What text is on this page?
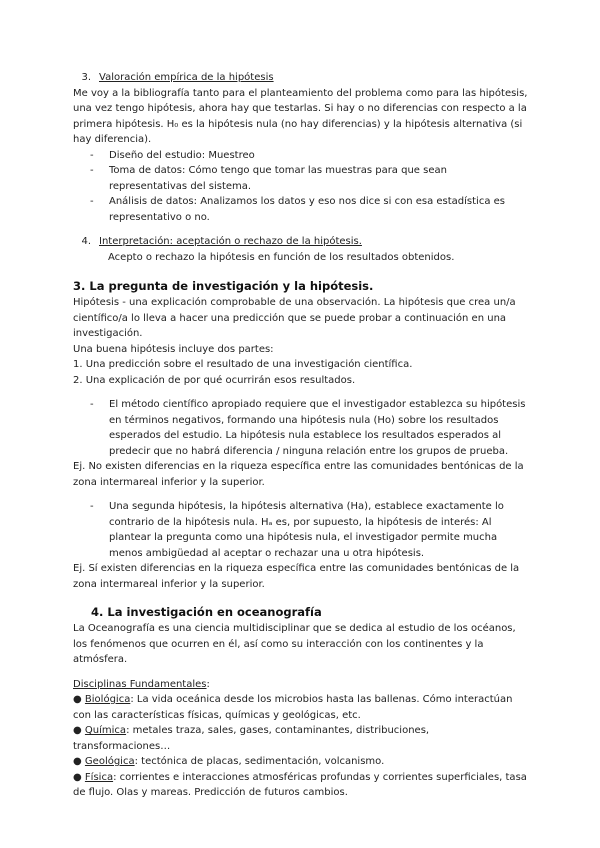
3. Valoración empírica de la hipótesis

Me voy a la bibliografía tanto para el planteamiento del problema como para las hipótesis, una vez tengo hipótesis, ahora hay que testarlas. Si hay o no diferencias con respecto a la primera hipótesis. H₀ es la hipótesis nula (no hay diferencias) y la hipótesis alternativa (si hay diferencia).

-	Diseño del estudio: Muestreo
-	Toma de datos: Cómo tengo que tomar las muestras para que sean representativas del sistema.
-	Análisis de datos: Analizamos los datos y eso nos dice si con esa estadística es representativo o no.
4. Interpretación: aceptación o rechazo de la hipótesis.

Acepto o rechazo la hipótesis en función de los resultados obtenidos.

3. La pregunta de investigación y la hipótesis.

Hipótesis - una explicación comprobable de una observación. La hipótesis que crea un/a científico/a lo lleva a hacer una predicción que se puede probar a continuación en una investigación.

Una buena hipótesis incluye dos partes:

1. Una predicción sobre el resultado de una investigación científica.

2. Una explicación de por qué ocurrirán esos resultados.

-	El método científico apropiado requiere que el investigador establezca su hipótesis en términos negativos, formando una hipótesis nula (Ho) sobre los resultados esperados del estudio. La hipótesis nula establece los resultados esperados al predecir que no habrá diferencia / ninguna relación entre los grupos de prueba.

Ej. No existen diferencias en la riqueza específica entre las comunidades bentónicas de la zona intermareal inferior y la superior.

-	Una segunda hipótesis, la hipótesis alternativa (Ha), establece exactamente lo contrario de la hipótesis nula. Hₐ es, por supuesto, la hipótesis de interés: Al plantear la pregunta como una hipótesis nula, el investigador permite mucha menos ambigüedad al aceptar o rechazar una u otra hipótesis.

Ej. Sí existen diferencias en la riqueza específica entre las comunidades bentónicas de la zona intermareal inferior y la superior.

4. La investigación en oceanografía

La Oceanografía es una ciencia multidisciplinar que se dedica al estudio de los océanos, los fenómenos que ocurren en él, así como su interacción con los continentes y la atmósfera.

Disciplinas Fundamentales:

● Biológica: La vida oceánica desde los microbios hasta las ballenas. Cómo interactúan con las características físicas, químicas y geológicas, etc.

● Química: metales traza, sales, gases, contaminantes, distribuciones, transformaciones…

● Geológica: tectónica de placas, sedimentación, volcanismo.

● Física: corrientes e interacciones atmosféricas profundas y corrientes superficiales, tasa de flujo. Olas y mareas. Predicción de futuros cambios.
